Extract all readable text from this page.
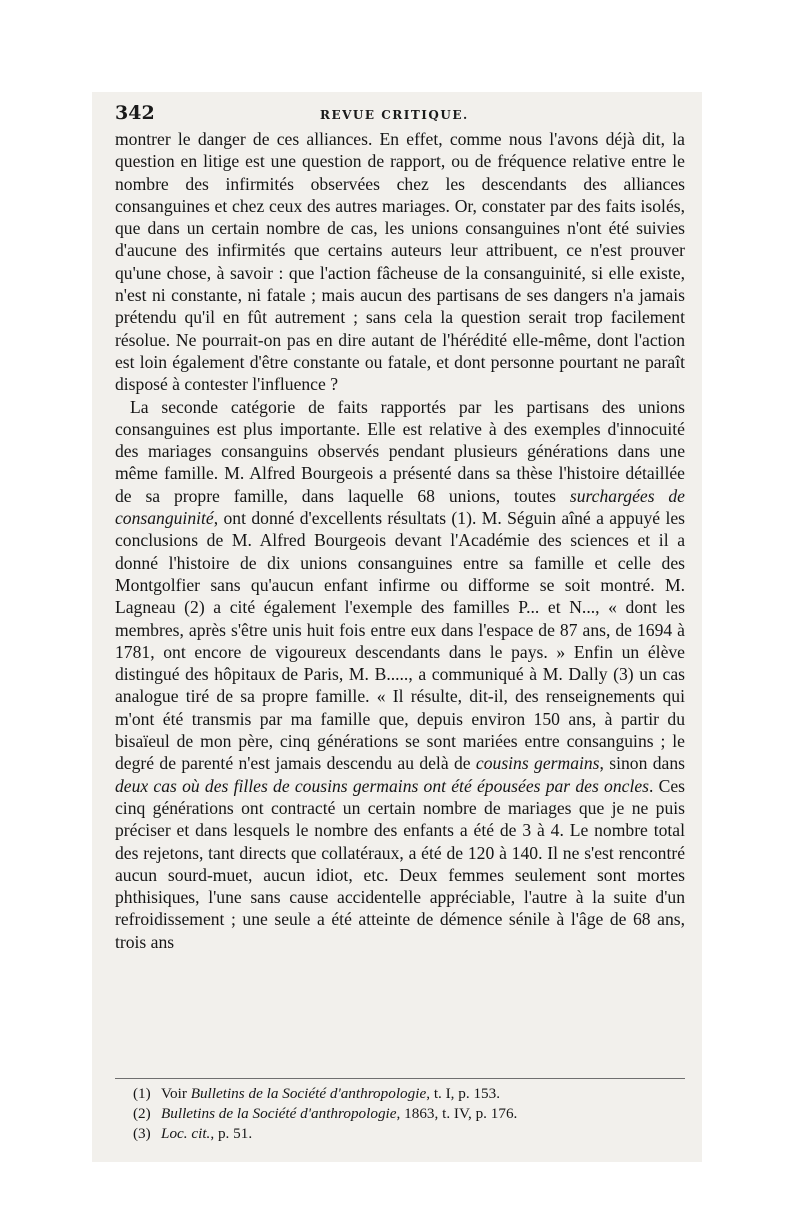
342	REVUE CRITIQUE.

montrer le danger de ces alliances. En effet, comme nous l'avons déjà dit, la question en litige est une question de rapport, ou de fréquence relative entre le nombre des infirmités observées chez les descendants des alliances consanguines et chez ceux des autres mariages. Or, constater par des faits isolés, que dans un certain nombre de cas, les unions consanguines n'ont été suivies d'aucune des infirmités que certains auteurs leur attribuent, ce n'est prouver qu'une chose, à savoir : que l'action fâcheuse de la consanguinité, si elle existe, n'est ni constante, ni fatale ; mais aucun des partisans de ses dangers n'a jamais prétendu qu'il en fût autrement ; sans cela la question serait trop facilement résolue. Ne pourrait-on pas en dire autant de l'hérédité elle-même, dont l'action est loin également d'être constante ou fatale, et dont personne pourtant ne paraît disposé à contester l'influence ?

La seconde catégorie de faits rapportés par les partisans des unions consanguines est plus importante. Elle est relative à des exemples d'innocuité des mariages consanguins observés pendant plusieurs générations dans une même famille. M. Alfred Bourgeois a présenté dans sa thèse l'histoire détaillée de sa propre famille, dans laquelle 68 unions, toutes surchargées de consanguinité, ont donné d'excellents résultats (1). M. Séguin aîné a appuyé les conclusions de M. Alfred Bourgeois devant l'Académie des sciences et il a donné l'histoire de dix unions consanguines entre sa famille et celle des Montgolfier sans qu'aucun enfant infirme ou difforme se soit montré. M. Lagneau (2) a cité également l'exemple des familles P... et N..., « dont les membres, après s'être unis huit fois entre eux dans l'espace de 87 ans, de 1694 à 1781, ont encore de vigoureux descendants dans le pays. » Enfin un élève distingué des hôpitaux de Paris, M. B....., a communiqué à M. Dally (3) un cas analogue tiré de sa propre famille. « Il résulte, dit-il, des renseignements qui m'ont été transmis par ma famille que, depuis environ 150 ans, à partir du bisaïeul de mon père, cinq générations se sont mariées entre consanguins ; le degré de parenté n'est jamais descendu au delà de cousins germains, sinon dans deux cas où des filles de cousins germains ont été épousées par des oncles. Ces cinq générations ont contracté un certain nombre de mariages que je ne puis préciser et dans lesquels le nombre des enfants a été de 3 à 4. Le nombre total des rejetons, tant directs que collatéraux, a été de 120 à 140. Il ne s'est rencontré aucun sourd-muet, aucun idiot, etc. Deux femmes seulement sont mortes phthisiques, l'une sans cause accidentelle appréciable, l'autre à la suite d'un refroidissement ; une seule a été atteinte de démence sénile à l'âge de 68 ans, trois ans

(1) Voir Bulletins de la Société d'anthropologie, t. I, p. 153.
(2) Bulletins de la Société d'anthropologie, 1863, t. IV, p. 176.
(3) Loc. cit., p. 51.
